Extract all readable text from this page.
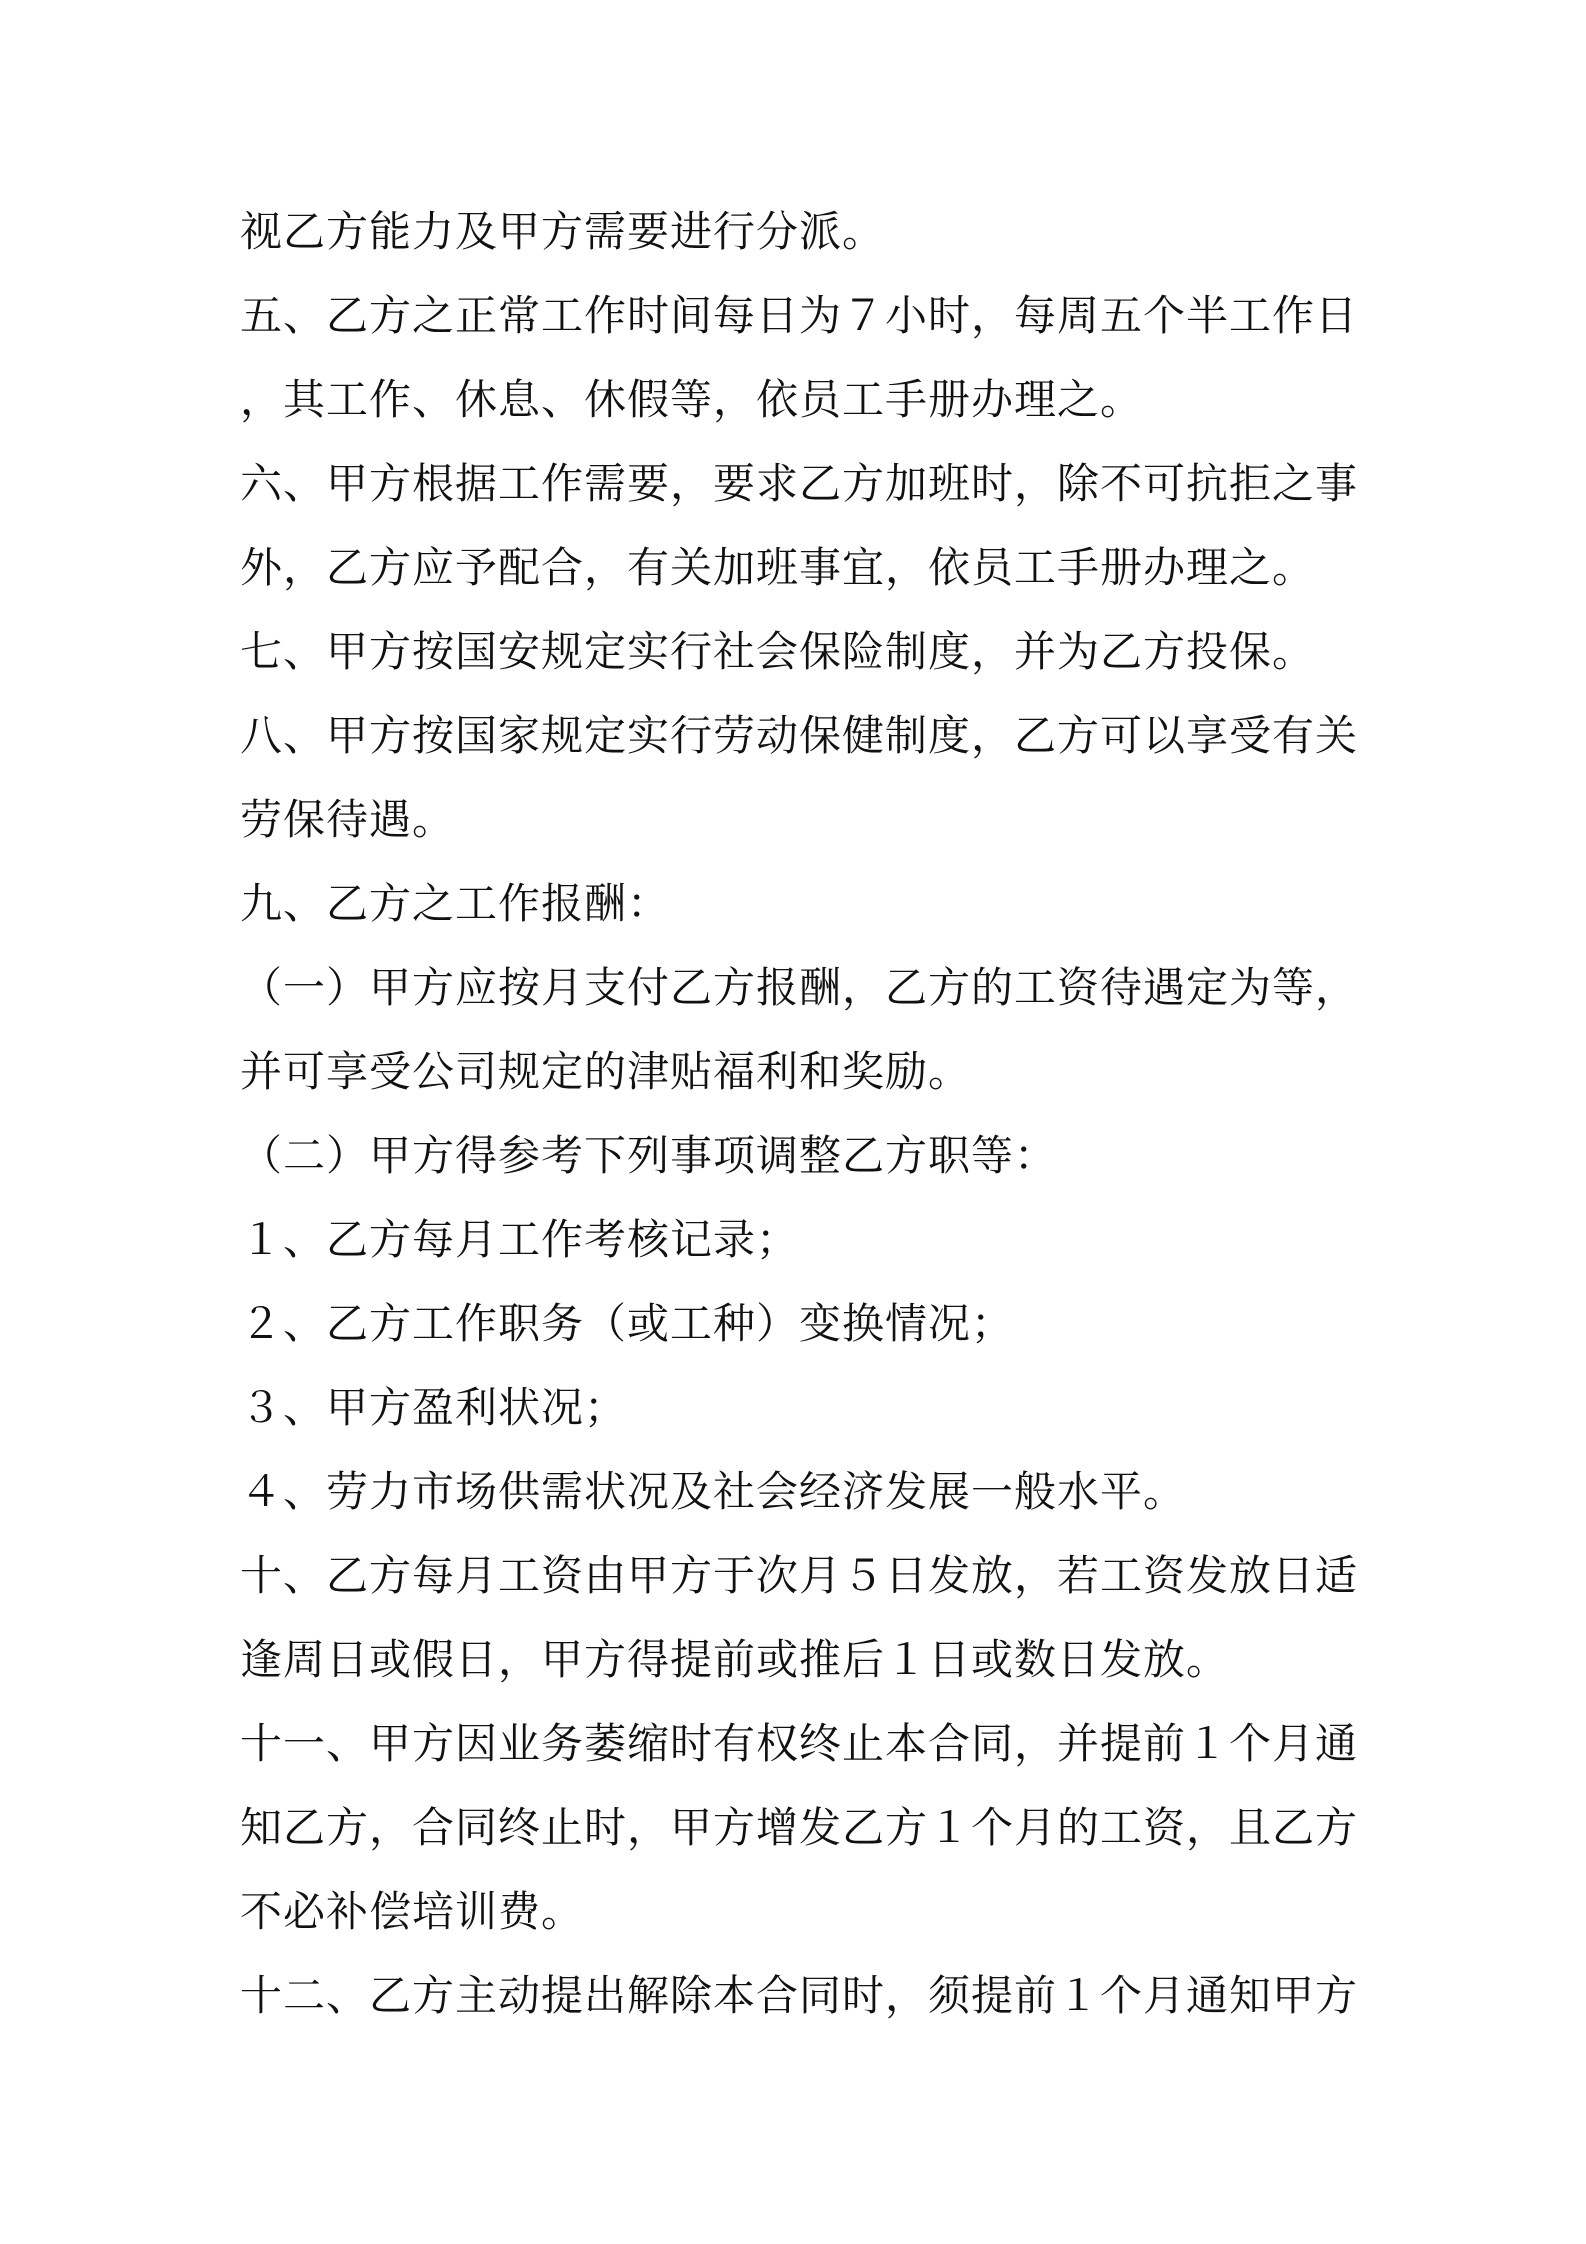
视乙方能力及甲方需要进行分派。
五、乙方之正常工作时间每日为７小时，每周五个半工作日
，其工作、休息、休假等，依员工手册办理之。
六、甲方根据工作需要，要求乙方加班时，除不可抗拒之事
外，乙方应予配合，有关加班事宜，依员工手册办理之。
七、甲方按国安规定实行社会保险制度，并为乙方投保。
八、甲方按国家规定实行劳动保健制度，乙方可以享受有关
劳保待遇。
九、乙方之工作报酬：
（一）甲方应按月支付乙方报酬，乙方的工资待遇定为等，
并可享受公司规定的津贴福利和奖励。
（二）甲方得参考下列事项调整乙方职等：
１、乙方每月工作考核记录；
２、乙方工作职务（或工种）变换情况；
３、甲方盈利状况；
４、劳力市场供需状况及社会经济发展一般水平。
十、乙方每月工资由甲方于次月５日发放，若工资发放日适
逢周日或假日，甲方得提前或推后１日或数日发放。
十一、甲方因业务萎缩时有权终止本合同，并提前１个月通
知乙方，合同终止时，甲方增发乙方１个月的工资，且乙方
不必补偿培训费。
十二、乙方主动提出解除本合同时，须提前１个月通知甲方
